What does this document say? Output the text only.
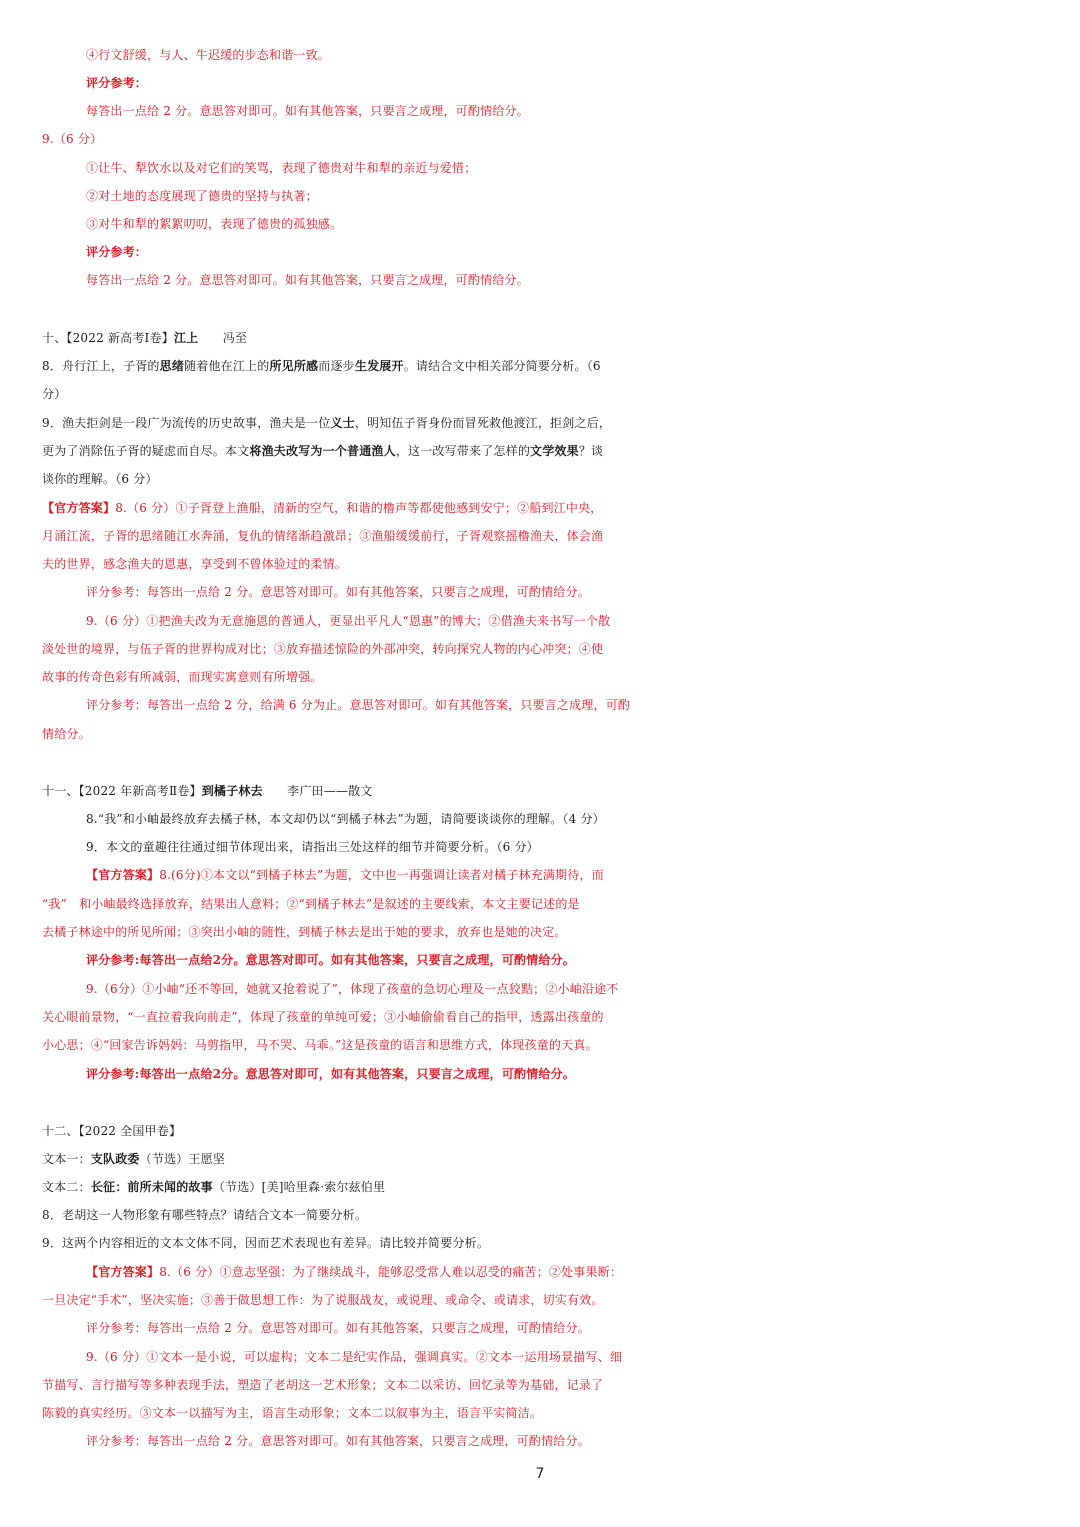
④行文舒缓，与人、牛迟缓的步态和谐一致。
评分参考：
每答出一点给 2 分。意思答对即可。如有其他答案，只要言之成理，可酌情给分。
9.（6 分）
①让牛、犁饮水以及对它们的笑骂，表现了德贵对牛和犁的亲近与爱惜；
②对土地的态度展现了德贵的坚持与执著；
③对牛和犁的絮絮叨叨，表现了德贵的孤独感。
评分参考：
每答出一点给 2 分。意思答对即可。如有其他答案，只要言之成理，可酌情给分。
十、【2022 新高考Ⅰ卷】江上　　冯至
8．舟行江上，子胥的思绪随着他在江上的所见所感而逐步生发展开。请结合文中相关部分简要分析。（6
分）
9．渔夫拒剑是一段广为流传的历史故事，渔夫是一位义士，明知伍子胥身份而冒死救他渡江，拒剑之后，
更为了消除伍子胥的疑虑而自尽。本文将渔夫改写为一个普通渔人，这一改写带来了怎样的文学效果？谈
谈你的理解。（6 分）
【官方答案】8.（6 分）①子胥登上渔船，清新的空气，和谐的橹声等都使他感到安宁；②船到江中央，
月涌江流，子胥的思绪随江水奔涌，复仇的情绪渐趋激昂；③渔船缓缓前行，子胥观察摇橹渔夫，体会渔
夫的世界，感念渔夫的恩惠，享受到不曾体验过的柔情。
评分参考：每答出一点给 2 分。意思答对即可。如有其他答案，只要言之成理，可酌情给分。
9.（6 分）①把渔夫改为无意施恩的普通人，更显出平凡人“恩惠”的博大；②借渔夫来书写一个散
淡处世的境界，与伍子胥的世界构成对比；③放弃描述惊险的外部冲突，转向探究人物的内心冲突；④使
故事的传奇色彩有所减弱，而现实寓意则有所增强。
评分参考：每答出一点给 2 分，给满 6 分为止。意思答对即可。如有其他答案，只要言之成理，可酌
情给分。
十一、【2022 年新高考Ⅱ卷】到橘子林去　　李广田——散文
8.“我”和小岫最终放弃去橘子林，本文却仍以“到橘子林去”为题，请简要谈谈你的理解。（4 分）
9．本文的童趣往往通过细节体现出来，请指出三处这样的细节并简要分析。（6 分）
【官方答案】8.(6分)①本文以“到橘子林去”为题，文中也一再强调让读者对橘子林充满期待，而
“我”　和小岫最终选择放弃，结果出人意料；②“到橘子林去”是叙述的主要线索，本文主要记述的是
去橘子林途中的所见所闻；③突出小岫的随性，到橘子林去是出于她的要求，放弃也是她的决定。
评分参考:每答出一点给2分。意思答对即可。如有其他答案，只要言之成理，可酌情给分。
9.（6分）①小岫“还不等回，她就又抢着说了”，体现了孩童的急切心理及一点狡黠；②小岫沿途不
关心眼前景物，“一直拉着我向前走”，体现了孩童的单纯可爱；③小岫偷偷看自己的指甲，透露出孩童的
小心思；④“回家告诉妈妈：马剪指甲，马不哭、马乖。”这是孩童的语言和思维方式，体现孩童的天真。
评分参考:每答出一点给2分。意思答对即可，如有其他答案，只要言之成理，可酌情给分。
十二、【2022 全国甲卷】
文本一：支队政委（节选）王愿坚
文本二：长征：前所未闻的故事（节选）[美]哈里森·索尔兹伯里
8．老胡这一人物形象有哪些特点？请结合文本一简要分析。
9．这两个内容相近的文本文体不同，因而艺术表现也有差异。请比较并简要分析。
【官方答案】8.（6 分）①意志坚强：为了继续战斗，能够忍受常人难以忍受的痛苦；②处事果断：
一旦决定“手术”，坚决实施；③善于做思想工作：为了说服战友，或说理、或命令、或请求，切实有效。
评分参考：每答出一点给 2 分。意思答对即可。如有其他答案，只要言之成理，可酌情给分。
9.（6 分）①文本一是小说，可以虚构；文本二是纪实作品，强调真实。②文本一运用场景描写、细
节描写、言行描写等多种表现手法，塑造了老胡这一艺术形象；文本二以采访、回忆录等为基础，记录了
陈毅的真实经历。③文本一以描写为主，语言生动形象；文本二以叙事为主，语言平实简洁。
评分参考：每答出一点给 2 分。意思答对即可。如有其他答案，只要言之成理，可酌情给分。
7
